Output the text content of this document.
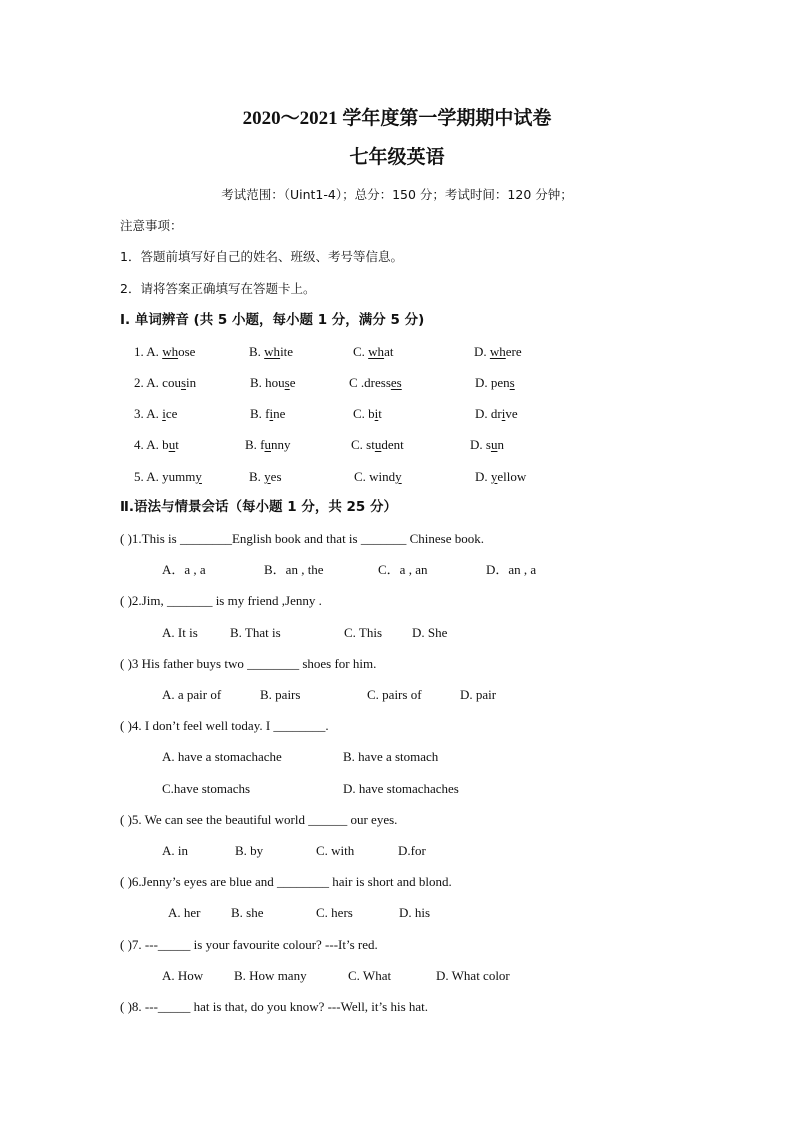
2020～2021 学年度第一学期期中试卷
七年级英语
考试范围：（Uint1-4）；总分：150 分；考试时间：120 分钟；
注意事项：
1．答题前填写好自己的姓名、班级、考号等信息。
2．请将答案正确填写在答题卡上。
I. 单词辨音 (共 5 小题，每小题 1 分，满分 5 分)
1. A. whose	B. white	C. what	D. where
2. A. cousin	B. house	C .dresses	D. pens
3. A. ice	B. fine	C. bit	D. drive
4. A. but	B. funny	C. student	D. sun
5. A. yummy	B. yes	C. windy	D. yellow
Ⅱ.语法与情景会话（每小题 1 分，共 25 分）
( )1.This is ________English book and that is _______ Chinese book.
A．a , a	B．an , the	C．a , an	D．an , a
( )2.Jim, _______ is my friend ,Jenny .
A. It is B. That is	C. This D. She
( )3 His father buys two ________ shoes for him.
A. a pair of	B. pairs	C. pairs of	D. pair
( )4. I don’t feel well today. I ________.
A. have a stomachache	B. have a stomach
C.have stomachs	D. have stomachaches
( )5. We can see the beautiful world ______ our eyes.
A. in	B. by	C. with	D.for
( )6.Jenny’s eyes are blue and ________ hair is short and blond.
A. her B. she	C. hers	D. his
( )7. ---_____ is your favourite colour? ---It’s red.
A. How B. How many	C. What	D. What color
( )8. ---_____ hat is that, do you know? ---Well, it’s his hat.
